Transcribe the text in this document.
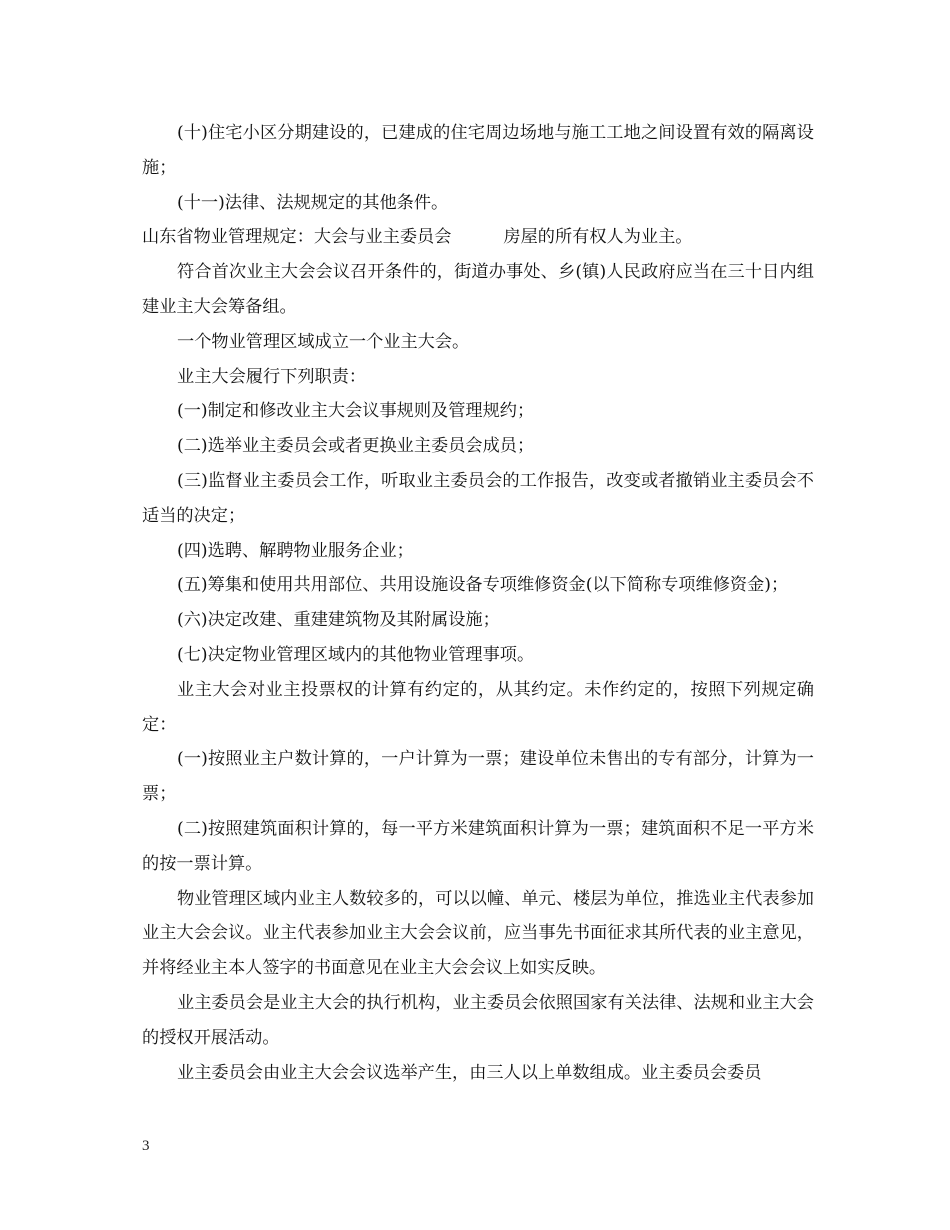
(十)住宅小区分期建设的，已建成的住宅周边场地与施工工地之间设置有效的隔离设施；

(十一)法律、法规规定的其他条件。

山东省物业管理规定：大会与业主委员会	房屋的所有权人为业主。

符合首次业主大会会议召开条件的，街道办事处、乡(镇)人民政府应当在三十日内组建业主大会筹备组。

一个物业管理区域成立一个业主大会。

业主大会履行下列职责：

(一)制定和修改业主大会议事规则及管理规约；

(二)选举业主委员会或者更换业主委员会成员；

(三)监督业主委员会工作，听取业主委员会的工作报告，改变或者撤销业主委员会不适当的决定；

(四)选聘、解聘物业服务企业；

(五)筹集和使用共用部位、共用设施设备专项维修资金(以下简称专项维修资金)；

(六)决定改建、重建建筑物及其附属设施；

(七)决定物业管理区域内的其他物业管理事项。

业主大会对业主投票权的计算有约定的，从其约定。未作约定的，按照下列规定确定：

(一)按照业主户数计算的，一户计算为一票；建设单位未售出的专有部分，计算为一票；

(二)按照建筑面积计算的，每一平方米建筑面积计算为一票；建筑面积不足一平方米的按一票计算。

物业管理区域内业主人数较多的，可以以幢、单元、楼层为单位，推选业主代表参加业主大会会议。业主代表参加业主大会会议前，应当事先书面征求其所代表的业主意见，并将经业主本人签字的书面意见在业主大会会议上如实反映。

业主委员会是业主大会的执行机构，业主委员会依照国家有关法律、法规和业主大会的授权开展活动。

业主委员会由业主大会会议选举产生，由三人以上单数组成。业主委员会委员

3
